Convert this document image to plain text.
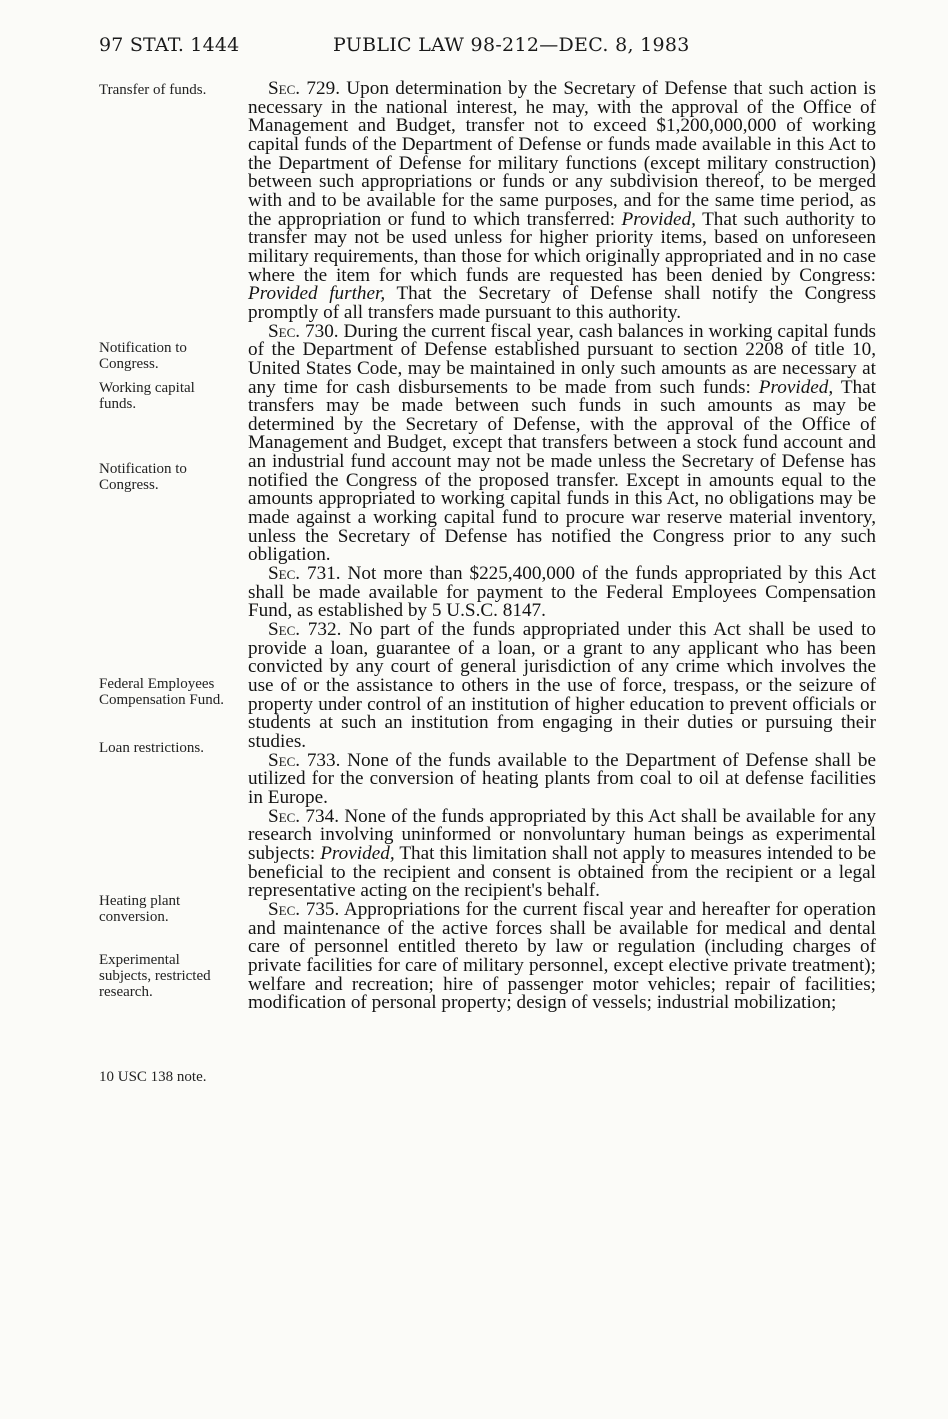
97 STAT. 1444	PUBLIC LAW 98-212—DEC. 8, 1983
Transfer of funds.
Notification to Congress.
Working capital funds.
Notification to Congress.
Federal Employees Compensation Fund.
Loan restrictions.
Heating plant conversion.
Experimental subjects, restricted research.
10 USC 138 note.

Sec. 729. Upon determination by the Secretary of Defense that such action is necessary in the national interest, he may, with the approval of the Office of Management and Budget, transfer not to exceed $1,200,000,000 of working capital funds of the Department of Defense or funds made available in this Act to the Department of Defense for military functions (except military construction) between such appropriations or funds or any subdivision thereof, to be merged with and to be available for the same purposes, and for the same time period, as the appropriation or fund to which transferred: Provided, That such authority to transfer may not be used unless for higher priority items, based on unforeseen military requirements, than those for which originally appropriated and in no case where the item for which funds are requested has been denied by Congress: Provided further, That the Secretary of Defense shall notify the Congress promptly of all transfers made pursuant to this authority.

Sec. 730. During the current fiscal year, cash balances in working capital funds of the Department of Defense established pursuant to section 2208 of title 10, United States Code, may be maintained in only such amounts as are necessary at any time for cash disbursements to be made from such funds: Provided, That transfers may be made between such funds in such amounts as may be determined by the Secretary of Defense, with the approval of the Office of Management and Budget, except that transfers between a stock fund account and an industrial fund account may not be made unless the Secretary of Defense has notified the Congress of the proposed transfer. Except in amounts equal to the amounts appropriated to working capital funds in this Act, no obligations may be made against a working capital fund to procure war reserve material inventory, unless the Secretary of Defense has notified the Congress prior to any such obligation.

Sec. 731. Not more than $225,400,000 of the funds appropriated by this Act shall be made available for payment to the Federal Employees Compensation Fund, as established by 5 U.S.C. 8147.

Sec. 732. No part of the funds appropriated under this Act shall be used to provide a loan, guarantee of a loan, or a grant to any applicant who has been convicted by any court of general jurisdiction of any crime which involves the use of or the assistance to others in the use of force, trespass, or the seizure of property under control of an institution of higher education to prevent officials or students at such an institution from engaging in their duties or pursuing their studies.

Sec. 733. None of the funds available to the Department of Defense shall be utilized for the conversion of heating plants from coal to oil at defense facilities in Europe.

Sec. 734. None of the funds appropriated by this Act shall be available for any research involving uninformed or nonvoluntary human beings as experimental subjects: Provided, That this limitation shall not apply to measures intended to be beneficial to the recipient and consent is obtained from the recipient or a legal representative acting on the recipient's behalf.

Sec. 735. Appropriations for the current fiscal year and hereafter for operation and maintenance of the active forces shall be available for medical and dental care of personnel entitled thereto by law or regulation (including charges of private facilities for care of military personnel, except elective private treatment); welfare and recreation; hire of passenger motor vehicles; repair of facilities; modification of personal property; design of vessels; industrial mobilization;
